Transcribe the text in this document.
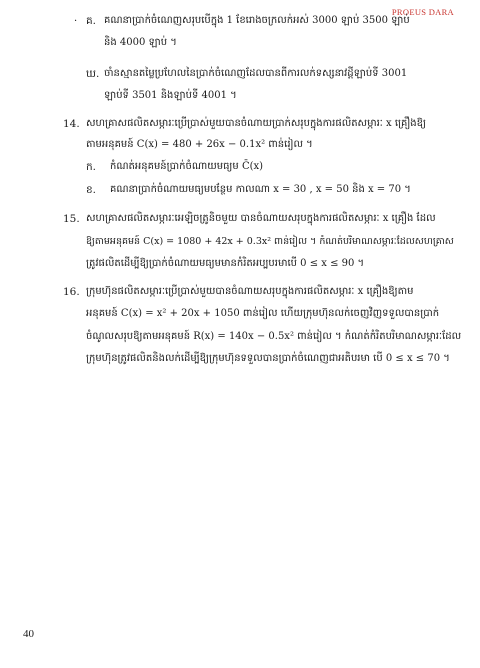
PROEUS DARA
· គ. គណនាប្រាក់ចំណេញសរុបបើក្នុង 1 ខែរោងចក្រលក់អស់ 3000 ឡាប់ 3500 ឡាប់
និង 4000 ឡាប់ ។
ឃ. ចាំនស្មានតម្លៃប្រហែលនៃប្រាក់ចំណេញដែលបានពីការលក់ទស្សនាវដ្តីឡាប់ទី 3001
ឡាប់ទី 3501 និងឡាប់ទី 4001 ។
14. សហគ្រាសផលិតសម្ភារៈប្រើប្រាស់មួយបានចំណាយប្រាក់សរុបក្នុងការផលិតសម្ភារៈ x គ្រឿងឱ្យ
តាមអនុគមន៍ C(x) = 480 + 26x − 0.1x² ពាន់រៀល ។
ក. កំណត់អនុគមន៍ប្រាក់ចំណាយមធ្យម C̄(x)
ខ. គណនាប្រាក់ចំណាយមធ្យមបន្ថែម កាលណា x = 30 , x = 50 និង x = 70 ។
15. សហគ្រាសផលិតសម្ភារៈអេឡិចត្រូនិចមួយ បានចំណាយសរុបក្នុងការផលិតសម្ភារៈ x គ្រឿង ដែល
ឱ្យតាមអនុគមន៍ C(x) = 1080 + 42x + 0.3x² ពាន់រៀល ។ កំណត់បរិមាណសម្ភារៈដែលសហគ្រាស
ត្រូវផលិតដើម្បីឱ្យប្រាក់ចំណាយមធ្យមមានកំរិតអប្បបរមាបើ 0 ≤ x ≤ 90 ។
16. ក្រុមហ៊ុនផលិតសម្ភារៈប្រើប្រាស់មួយបានចំណាយសរុបក្នុងការផលិតសម្ភារៈ x គ្រឿងឱ្យតាម
អនុគមន៍ C(x) = x² + 20x + 1050 ពាន់រៀល ហើយក្រុមហ៊ុនលក់ចេញវិញទទួលបានប្រាក់
ចំណូលសរុបឱ្យតាមអនុគមន៍ R(x) = 140x − 0.5x² ពាន់រៀល ។ កំណត់កំរិតបរិមាណសម្ភារៈដែល
ក្រុមហ៊ុនត្រូវផលិតនិងលក់ដើម្បីឱ្យក្រុមហ៊ុនទទួលបានប្រាក់ចំណេញជាអតិបរមា បើ 0 ≤ x ≤ 70 ។
40
